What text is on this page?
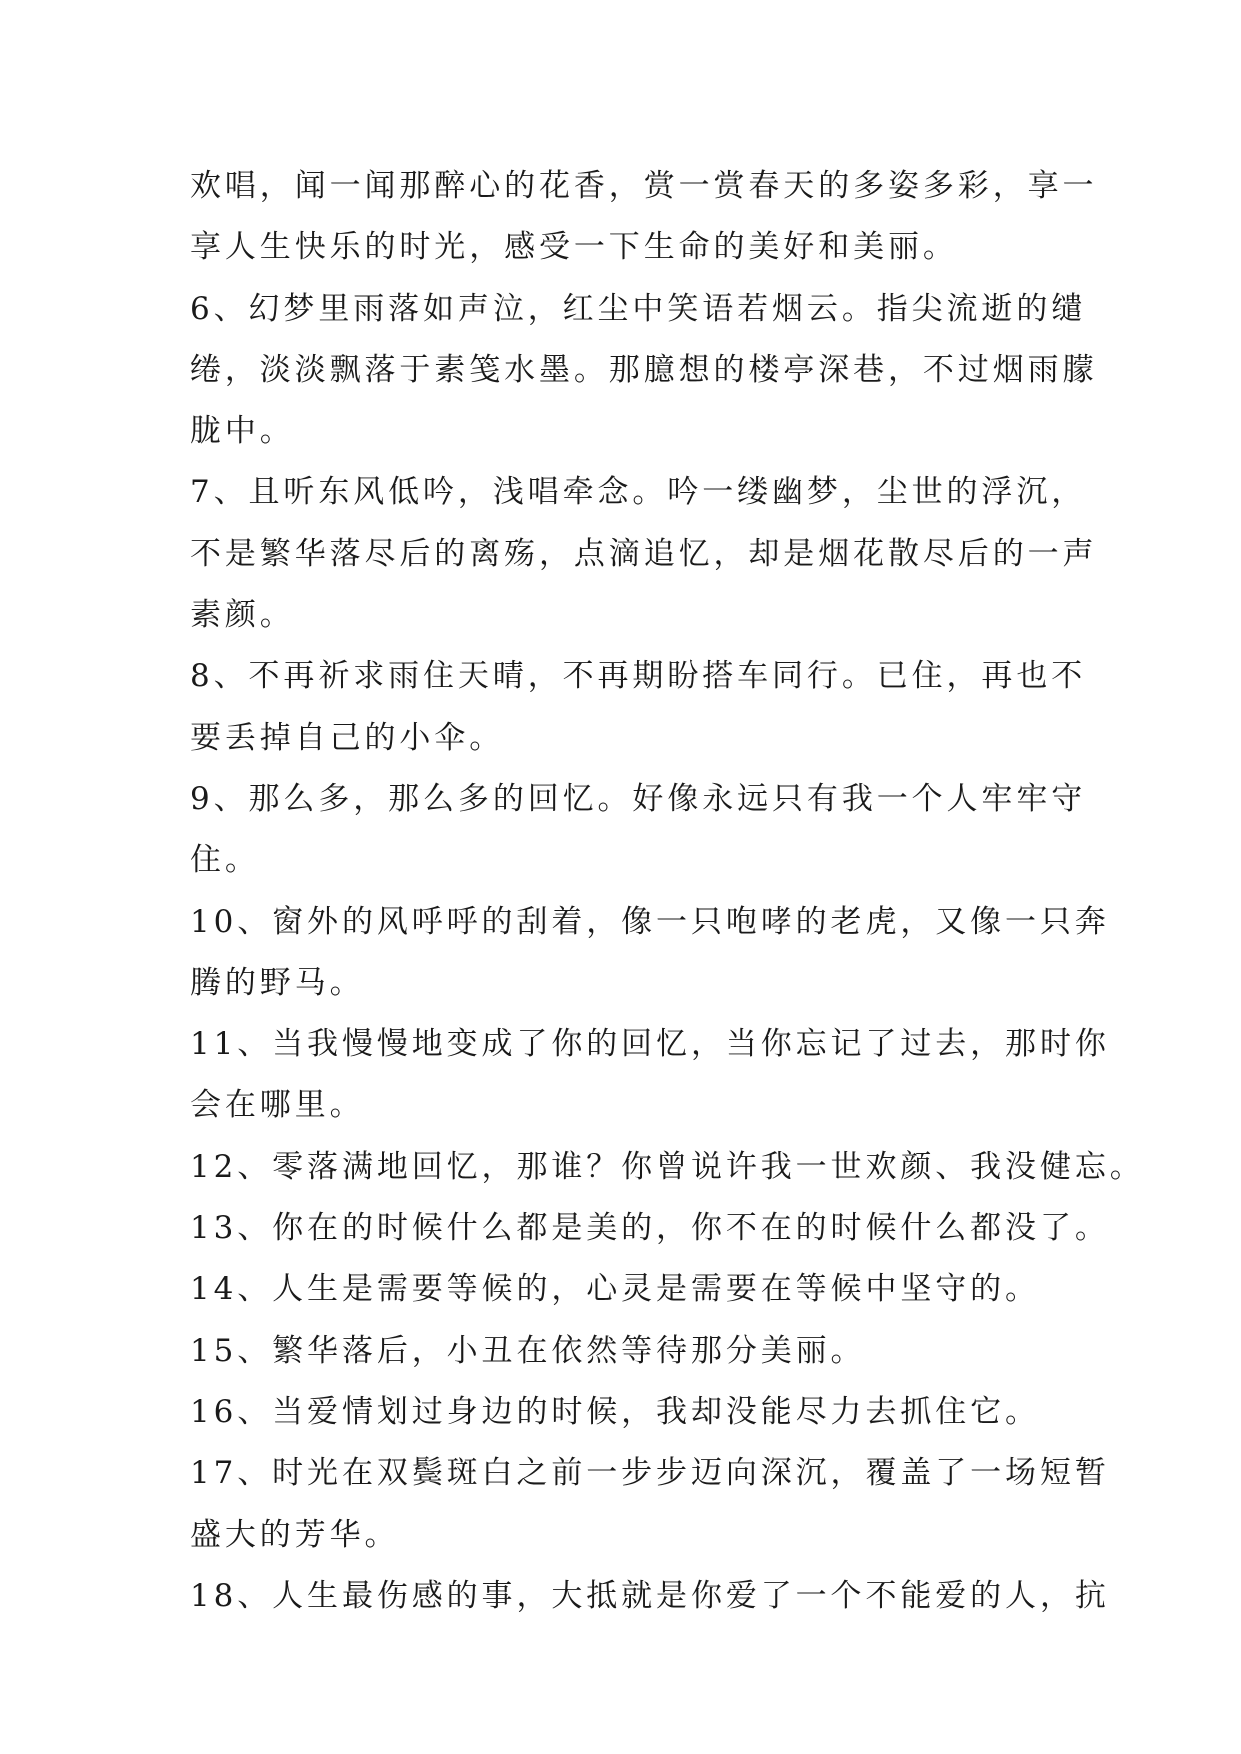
欢唱，闻一闻那醉心的花香，赏一赏春天的多姿多彩，享一
享人生快乐的时光，感受一下生命的美好和美丽。
6、幻梦里雨落如声泣，红尘中笑语若烟云。指尖流逝的缱
绻，淡淡飘落于素笺水墨。那臆想的楼亭深巷，不过烟雨朦
胧中。
7、且听东风低吟，浅唱牵念。吟一缕幽梦，尘世的浮沉，
不是繁华落尽后的离殇，点滴追忆，却是烟花散尽后的一声
素颜。
8、不再祈求雨住天晴，不再期盼搭车同行。已住，再也不
要丢掉自己的小伞。
9、那么多，那么多的回忆。好像永远只有我一个人牢牢守
住。
10、窗外的风呼呼的刮着，像一只咆哮的老虎，又像一只奔
腾的野马。
11、当我慢慢地变成了你的回忆，当你忘记了过去，那时你
会在哪里。
12、零落满地回忆，那谁？你曾说许我一世欢颜、我没健忘。
13、你在的时候什么都是美的，你不在的时候什么都没了。
14、人生是需要等候的，心灵是需要在等候中坚守的。
15、繁华落后，小丑在依然等待那分美丽。
16、当爱情划过身边的时候，我却没能尽力去抓住它。
17、时光在双鬓斑白之前一步步迈向深沉，覆盖了一场短暂
盛大的芳华。
18、人生最伤感的事，大抵就是你爱了一个不能爱的人，抗
